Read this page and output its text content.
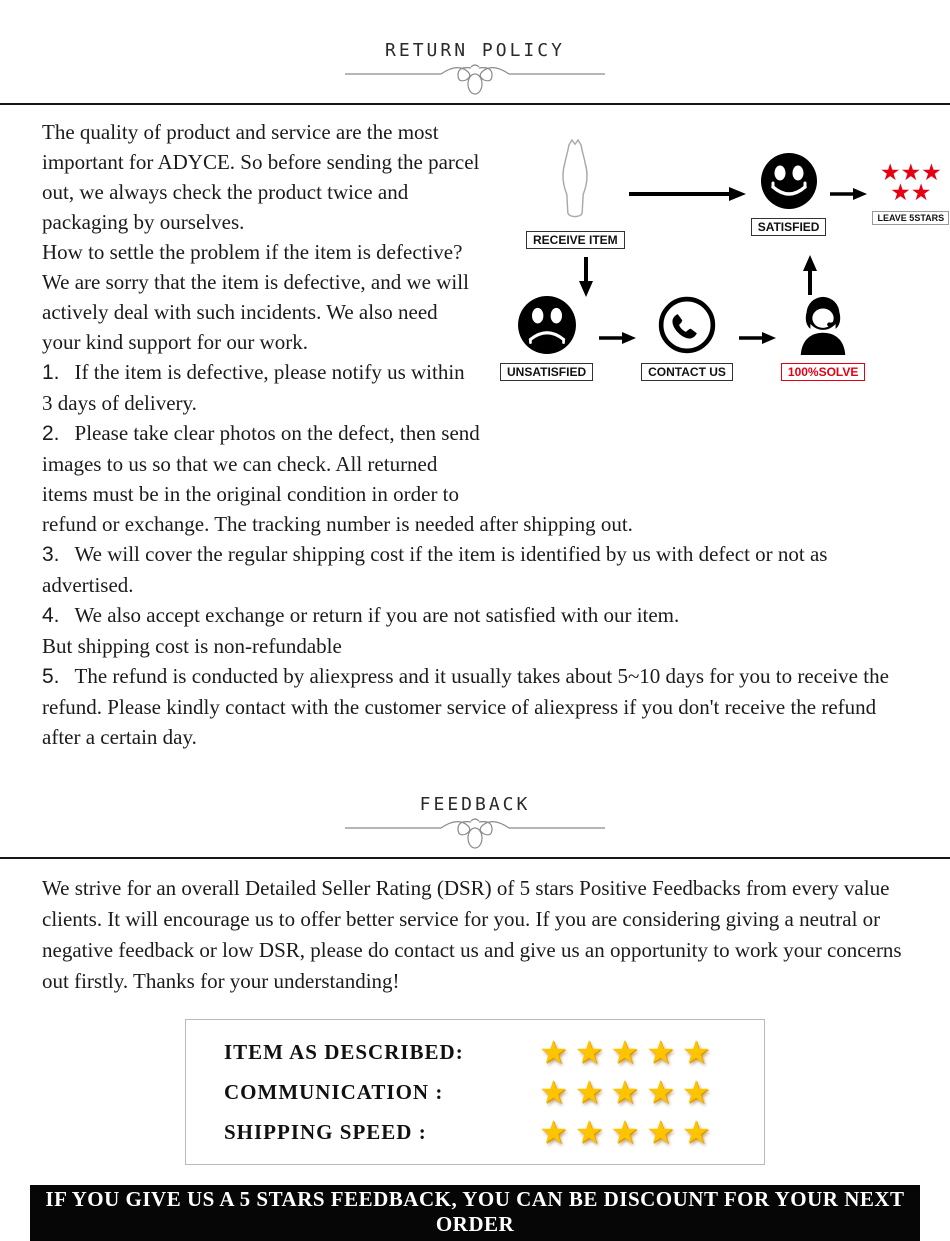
RETURN POLICY
RECEIVE ITEM
SATISFIED
★★★
★★
LEAVE 5STARS
UNSATISFIED	CONTACT US	100%SOLVE

The quality of product and service are the most important for ADYCE. So before sending the parcel out, we always check the product twice and packaging by ourselves.

How to settle the problem if the item is defective? We are sorry that the item is defective, and we will actively deal with such incidents. We also need your kind support for our work.

1. If the item is defective, please notify us within 3 days of delivery.

2. Please take clear photos on the defect, then send images to us so that we can check. All returned items must be in the original condition in order to refund or exchange. The tracking number is needed after shipping out.

3. We will cover the regular shipping cost if the item is identified by us with defect or not as advertised.

4. We also accept exchange or return if you are not satisfied with our item.

But shipping cost is non-refundable

5. The refund is conducted by aliexpress and it usually takes about 5~10 days for you to receive the refund. Please kindly contact with the customer service of aliexpress if you don't receive the refund after a certain day.

FEEDBACK

We strive for an overall Detailed Seller Rating (DSR) of 5 stars Positive Feedbacks from every value clients. It will encourage us to offer better service for you. If you are considering giving a neutral or negative feedback or low DSR, please do contact us and give us an opportunity to work your concerns out firstly. Thanks for your understanding!

ITEM AS DESCRIBED:	★★★★★
COMMUNICATION :	★★★★★
SHIPPING SPEED :	★★★★★
IF YOU GIVE US A 5 STARS FEEDBACK, YOU CAN BE DISCOUNT FOR YOUR NEXT ORDER
